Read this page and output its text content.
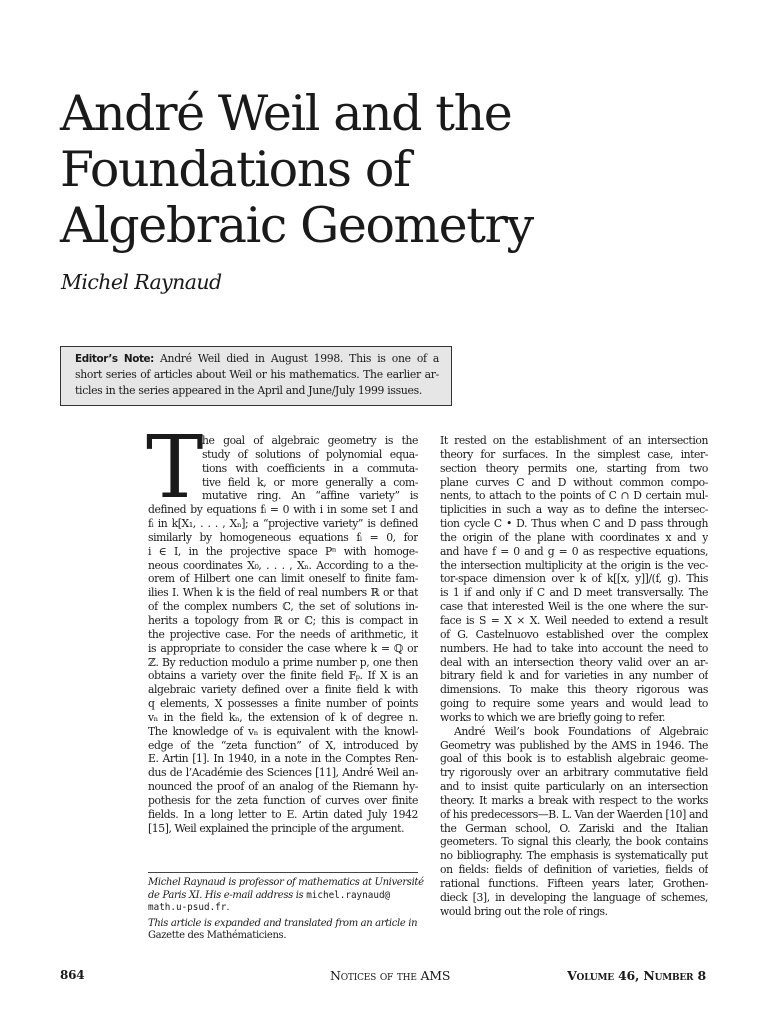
André Weil and the
Foundations of
Algebraic Geometry
Michel Raynaud
Editor’s Note: André Weil died in August 1998. This is one of a
short series of articles about Weil or his mathematics. The earlier ar-
ticles in the series appeared in the April and June/July 1999 issues.
T
he goal of algebraic geometry is the
study of solutions of polynomial equa-
tions with coefficients in a commuta-
tive field k, or more generally a com-
mutative ring. An “affine variety” is
defined by equations fᵢ = 0 with i in some set I and
fᵢ in k[X₁, . . . , Xₙ]; a “projective variety” is defined
similarly by homogeneous equations fᵢ = 0, for
i ∈ I, in the projective space Pⁿ with homoge-
neous coordinates X₀, . . . , Xₙ. According to a the-
orem of Hilbert one can limit oneself to finite fam-
ilies I. When k is the field of real numbers ℝ or that
of the complex numbers ℂ, the set of solutions in-
herits a topology from ℝ or ℂ; this is compact in
the projective case. For the needs of arithmetic, it
is appropriate to consider the case where k = ℚ or
ℤ. By reduction modulo a prime number p, one then
obtains a variety over the finite field 𝔽ₚ. If X is an
algebraic variety defined over a finite field k with
q elements, X possesses a finite number of points
vₙ in the field kₙ, the extension of k of degree n.
The knowledge of vₙ is equivalent with the knowl-
edge of the “zeta function” of X, introduced by
E. Artin [1]. In 1940, in a note in the Comptes Ren-
dus de l’Académie des Sciences [11], André Weil an-
nounced the proof of an analog of the Riemann hy-
pothesis for the zeta function of curves over finite
fields. In a long letter to E. Artin dated July 1942
[15], Weil explained the principle of the argument.
Michel Raynaud is professor of mathematics at Université
de Paris XI. His e-mail address is michel.raynaud@
math.u-psud.fr.
This article is expanded and translated from an article in
Gazette des Mathématiciens.
It rested on the establishment of an intersection
theory for surfaces. In the simplest case, inter-
section theory permits one, starting from two
plane curves C and D without common compo-
nents, to attach to the points of C ∩ D certain mul-
tiplicities in such a way as to define the intersec-
tion cycle C • D. Thus when C and D pass through
the origin of the plane with coordinates x and y
and have f = 0 and g = 0 as respective equations,
the intersection multiplicity at the origin is the vec-
tor-space dimension over k of k[[x, y]]/(f, g). This
is 1 if and only if C and D meet transversally. The
case that interested Weil is the one where the sur-
face is S = X × X. Weil needed to extend a result
of G. Castelnuovo established over the complex
numbers. He had to take into account the need to
deal with an intersection theory valid over an ar-
bitrary field k and for varieties in any number of
dimensions. To make this theory rigorous was
going to require some years and would lead to
works to which we are briefly going to refer.
André Weil’s book Foundations of Algebraic
Geometry was published by the AMS in 1946. The
goal of this book is to establish algebraic geome-
try rigorously over an arbitrary commutative field
and to insist quite particularly on an intersection
theory. It marks a break with respect to the works
of his predecessors—B. L. Van der Waerden [10] and
the German school, O. Zariski and the Italian
geometers. To signal this clearly, the book contains
no bibliography. The emphasis is systematically put
on fields: fields of definition of varieties, fields of
rational functions. Fifteen years later, Grothen-
dieck [3], in developing the language of schemes,
would bring out the role of rings.
864	Notices of the AMS	Volume 46, Number 8
